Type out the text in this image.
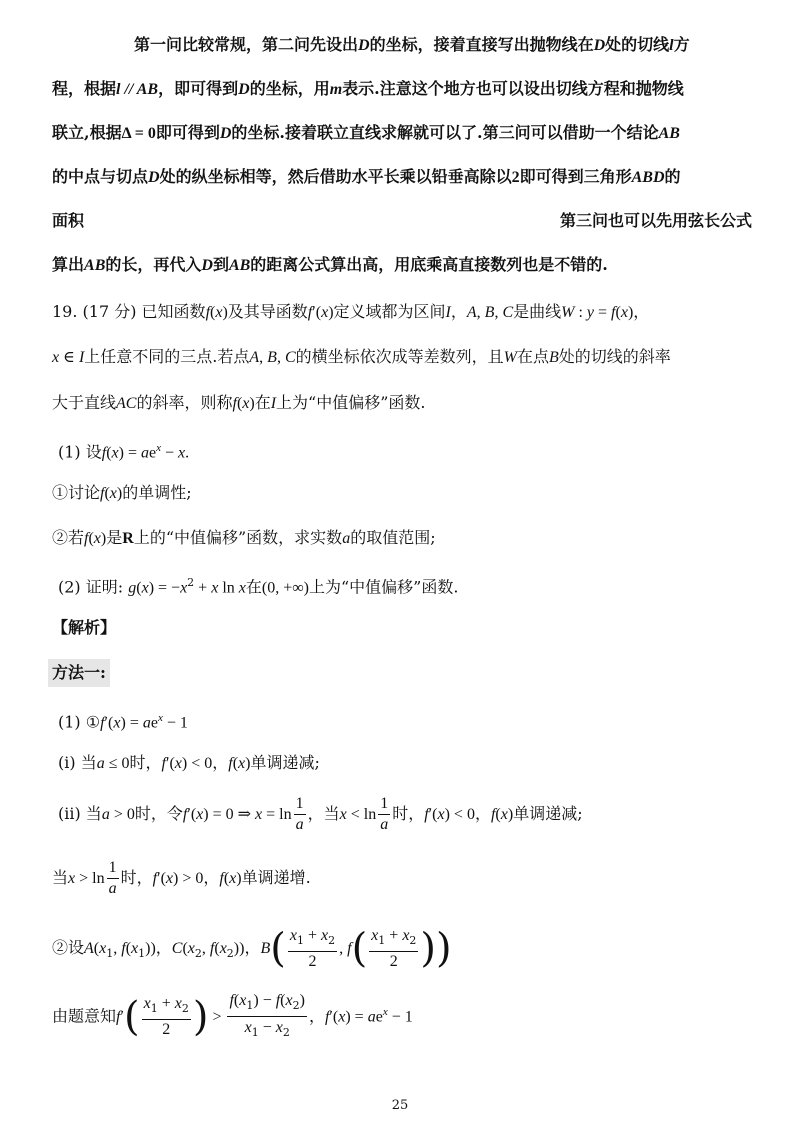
第一问比较常规，第二问先设出D的坐标，接着直接写出抛物线在D处的切线l方
程，根据l // AB，即可得到D的坐标，用m表示.注意这个地方也可以设出切线方程和抛物线
联立,根据Δ = 0即可得到D的坐标.接着联立直线求解就可以了.第三问可以借助一个结论AB
的中点与切点D处的纵坐标相等，然后借助水平长乘以铅垂高除以2即可得到三角形ABD的
面积	第三问也可以先用弦长公式
算出AB的长，再代入D到AB的距离公式算出高，用底乘高直接数列也是不错的.
19. (17 分) 已知函数f(x)及其导函数f′(x)定义域都为区间I，A, B, C是曲线W : y = f(x)，
x ∈ I上任意不同的三点.若点A, B, C的横坐标依次成等差数列，且W在点B处的切线的斜率
大于直线AC的斜率，则称f(x)在I上为“中值偏移”函数.
(1) 设$f(x) = ae^x - x$.
①讨论f(x)的单调性;
②若f(x)是R上的“中值偏移”函数，求实数a的取值范围;
(2) 证明: $g(x) = -x^2 + x$ ln x在(0, +∞)上为“中值偏移”函数.
【解析】
方法一:
(1) ①f′(x) = $ae^x - 1$
(i) 当a ≤ 0时，f′(x) < 0，f(x)单调递减;
(ii) 当a > 0时，令f′(x) = 0 ⇒ $x = \ln \frac{1}{a}$ ，当$x < \ln \frac{1}{a}$ 时，f′(x) < 0，f(x)单调递减;
当$x > \ln \frac{1}{a}$ 时，f′(x) > 0，f(x)单调递增.
②设$A(x_1$, $f(x_1)$)，$C(x_2$, $f(x_2)$)，$B( \frac{x_1 + x_2}{2}$ , $f( \frac{x_1 + x_2}{2}$ ))
由题意知$f'( \frac{x_1 + x_2}{2}$ ) > $\frac{f(x_1) - f(x_2)}{x_1 - x_2}$ ，$f'(x) = ae^x - 1$
25
